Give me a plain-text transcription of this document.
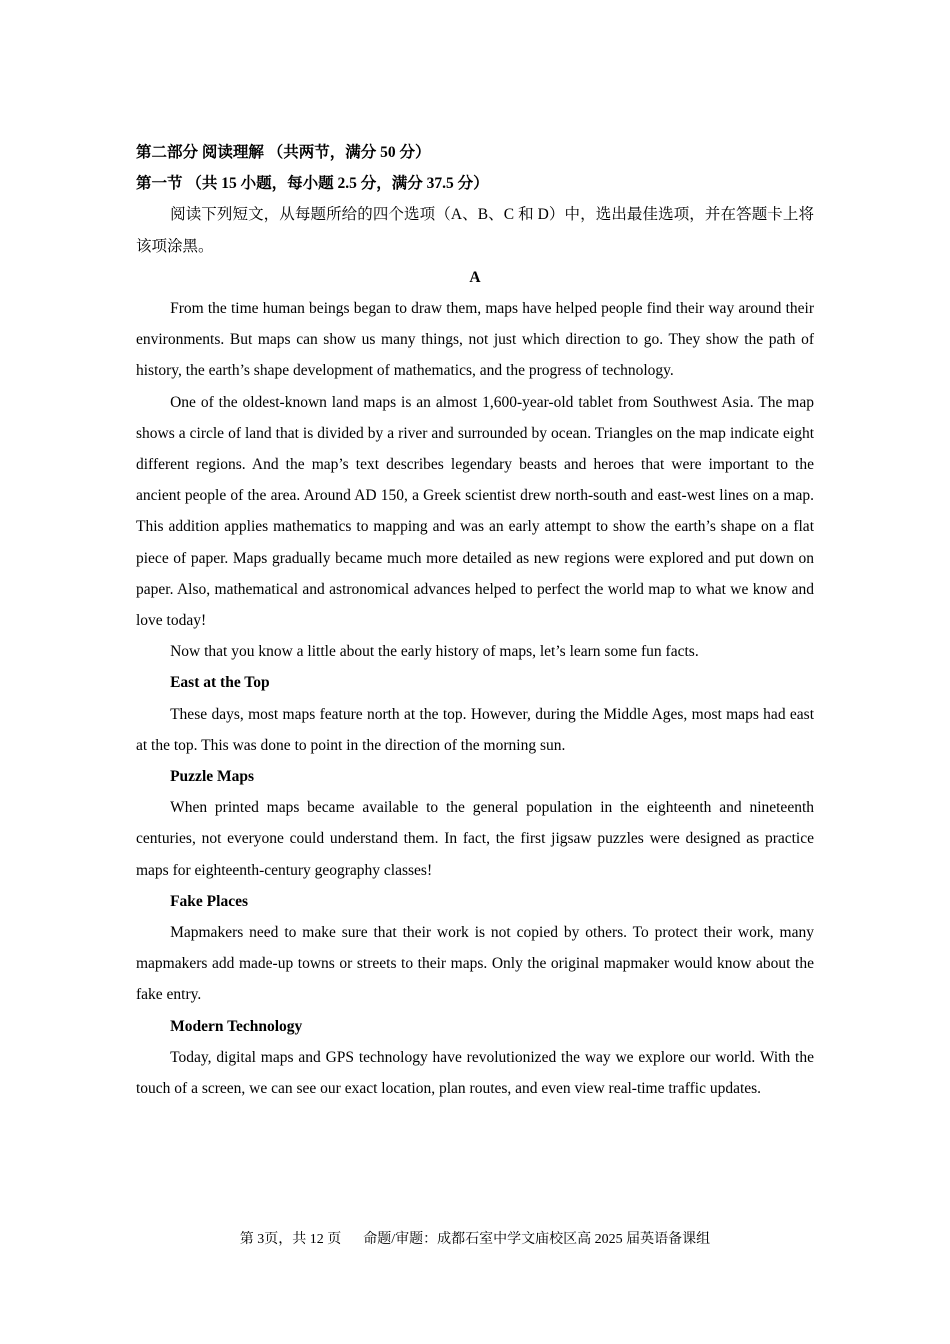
第二部分 阅读理解 （共两节，满分 50 分）

第一节 （共 15 小题，每小题 2.5 分，满分 37.5 分）

阅读下列短文，从每题所给的四个选项（A、B、C 和 D）中，选出最佳选项，并在答题卡上将该项涂黑。

A

From the time human beings began to draw them, maps have helped people find their way around their environments. But maps can show us many things, not just which direction to go. They show the path of history, the earth’s shape development of mathematics, and the progress of technology.

One of the oldest-known land maps is an almost 1,600-year-old tablet from Southwest Asia. The map shows a circle of land that is divided by a river and surrounded by ocean. Triangles on the map indicate eight different regions. And the map’s text describes legendary beasts and heroes that were important to the ancient people of the area. Around AD 150, a Greek scientist drew north-south and east-west lines on a map. This addition applies mathematics to mapping and was an early attempt to show the earth’s shape on a flat piece of paper. Maps gradually became much more detailed as new regions were explored and put down on paper. Also, mathematical and astronomical advances helped to perfect the world map to what we know and love today!

Now that you know a little about the early history of maps, let’s learn some fun facts.

East at the Top

These days, most maps feature north at the top. However, during the Middle Ages, most maps had east at the top. This was done to point in the direction of the morning sun.

Puzzle Maps

When printed maps became available to the general population in the eighteenth and nineteenth centuries, not everyone could understand them. In fact, the first jigsaw puzzles were designed as practice maps for eighteenth-century geography classes!

Fake Places

Mapmakers need to make sure that their work is not copied by others. To protect their work, many mapmakers add made-up towns or streets to their maps. Only the original mapmaker would know about the fake entry.

Modern Technology

Today, digital maps and GPS technology have revolutionized the way we explore our world. With the touch of a screen, we can see our exact location, plan routes, and even view real-time traffic updates.

第 3页，共 12 页 命题/审题：成都石室中学文庙校区高 2025 届英语备课组
